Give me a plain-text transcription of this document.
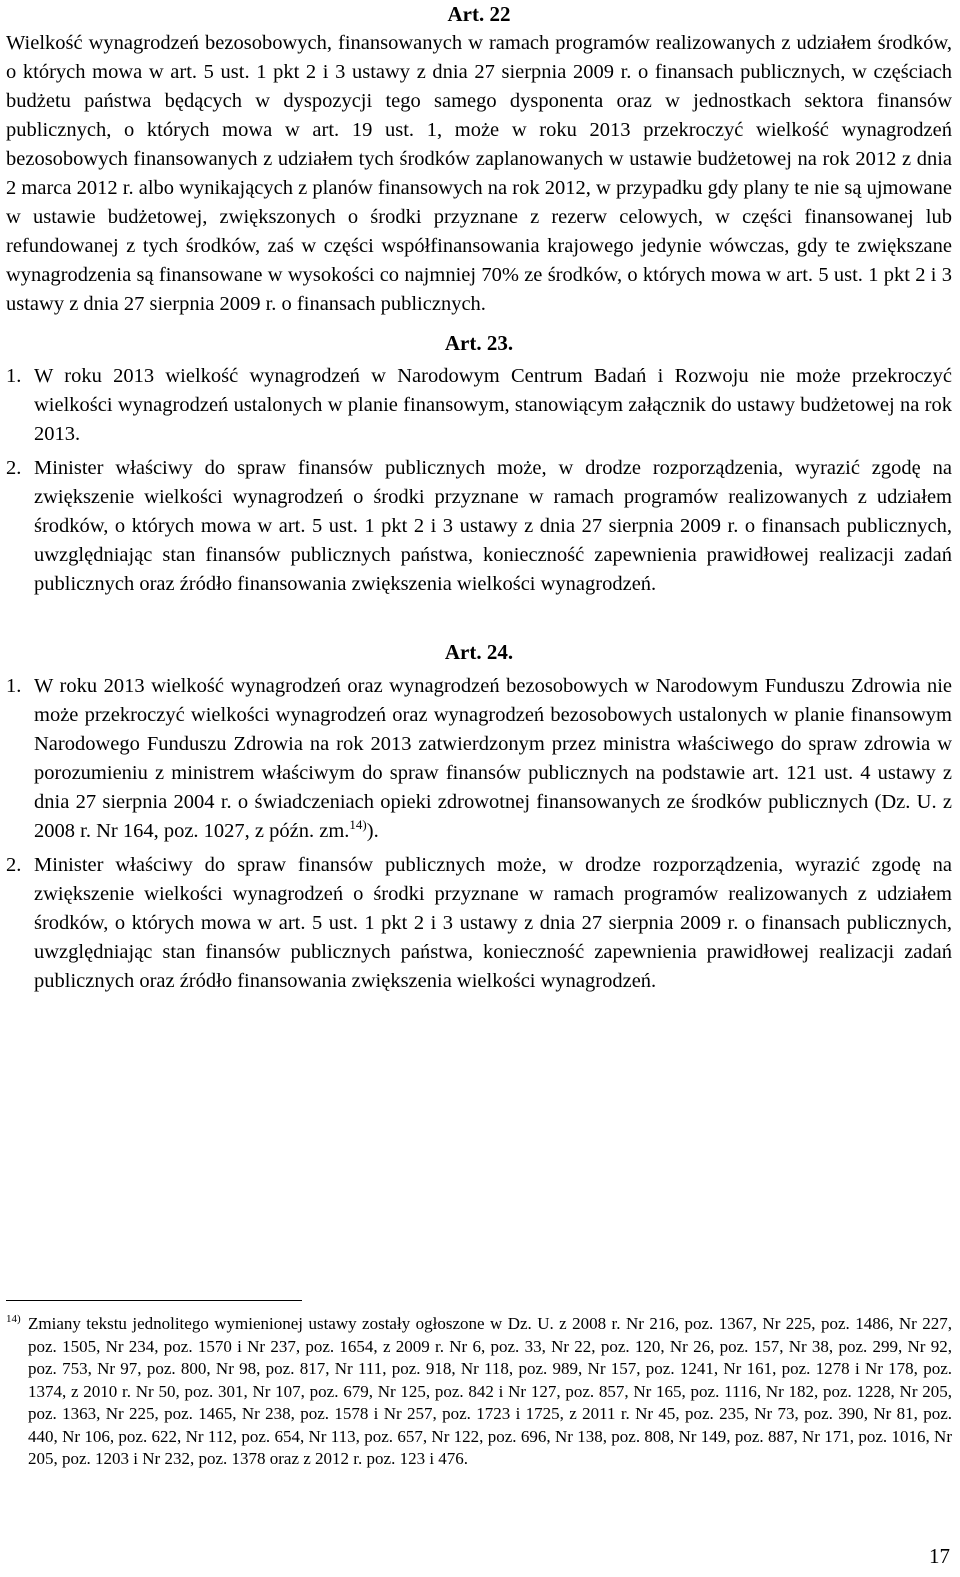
Art. 22

Wielkość wynagrodzeń bezosobowych, finansowanych w ramach programów realizowanych z udziałem środków, o których mowa w art. 5 ust. 1 pkt 2 i 3 ustawy z dnia 27 sierpnia 2009 r. o finansach publicznych, w częściach budżetu państwa będących w dyspozycji tego samego dysponenta oraz w jednostkach sektora finansów publicznych, o których mowa w art. 19 ust. 1, może w roku 2013 przekroczyć wielkość wynagrodzeń bezosobowych finansowanych z udziałem tych środków zaplanowanych w ustawie budżetowej na rok 2012 z dnia 2 marca 2012 r. albo wynikających z planów finansowych na rok 2012, w przypadku gdy plany te nie są ujmowane w ustawie budżetowej, zwiększonych o środki przyznane z rezerw celowych, w części finansowanej lub refundowanej z tych środków, zaś w części współfinansowania krajowego jedynie wówczas, gdy te zwiększane wynagrodzenia są finansowane w wysokości co najmniej 70% ze środków, o których mowa w art. 5 ust. 1 pkt 2 i 3 ustawy z dnia 27 sierpnia 2009 r. o finansach publicznych.

Art. 23.
1. W roku 2013 wielkość wynagrodzeń w Narodowym Centrum Badań i Rozwoju nie może przekroczyć wielkości wynagrodzeń ustalonych w planie finansowym, stanowiącym załącznik do ustawy budżetowej na rok 2013.
2. Minister właściwy do spraw finansów publicznych może, w drodze rozporządzenia, wyrazić zgodę na zwiększenie wielkości wynagrodzeń o środki przyznane w ramach programów realizowanych z udziałem środków, o których mowa w art. 5 ust. 1 pkt 2 i 3 ustawy z dnia 27 sierpnia 2009 r. o finansach publicznych, uwzględniając stan finansów publicznych państwa, konieczność zapewnienia prawidłowej realizacji zadań publicznych oraz źródło finansowania zwiększenia wielkości wynagrodzeń.
Art. 24.
1. W roku 2013 wielkość wynagrodzeń oraz wynagrodzeń bezosobowych w Narodowym Funduszu Zdrowia nie może przekroczyć wielkości wynagrodzeń oraz wynagrodzeń bezosobowych ustalonych w planie finansowym Narodowego Funduszu Zdrowia na rok 2013 zatwierdzonym przez ministra właściwego do spraw zdrowia w porozumieniu z ministrem właściwym do spraw finansów publicznych na podstawie art. 121 ust. 4 ustawy z dnia 27 sierpnia 2004 r. o świadczeniach opieki zdrowotnej finansowanych ze środków publicznych (Dz. U. z 2008 r. Nr 164, poz. 1027, z późn. zm.$^{14)}$).
2. Minister właściwy do spraw finansów publicznych może, w drodze rozporządzenia, wyrazić zgodę na zwiększenie wielkości wynagrodzeń o środki przyznane w ramach programów realizowanych z udziałem środków, o których mowa w art. 5 ust. 1 pkt 2 i 3 ustawy z dnia 27 sierpnia 2009 r. o finansach publicznych, uwzględniając stan finansów publicznych państwa, konieczność zapewnienia prawidłowej realizacji zadań publicznych oraz źródło finansowania zwiększenia wielkości wynagrodzeń.
$^{14)}$ Zmiany tekstu jednolitego wymienionej ustawy zostały ogłoszone w Dz. U. z 2008 r. Nr 216, poz. 1367, Nr 225, poz. 1486, Nr 227, poz. 1505, Nr 234, poz. 1570 i Nr 237, poz. 1654, z 2009 r. Nr 6, poz. 33, Nr 22, poz. 120, Nr 26, poz. 157, Nr 38, poz. 299, Nr 92, poz. 753, Nr 97, poz. 800, Nr 98, poz. 817, Nr 111, poz. 918, Nr 118, poz. 989, Nr 157, poz. 1241, Nr 161, poz. 1278 i Nr 178, poz. 1374, z 2010 r. Nr 50, poz. 301, Nr 107, poz. 679, Nr 125, poz. 842 i Nr 127, poz. 857, Nr 165, poz. 1116, Nr 182, poz. 1228, Nr 205, poz. 1363, Nr 225, poz. 1465, Nr 238, poz. 1578 i Nr 257, poz. 1723 i 1725, z 2011 r. Nr 45, poz. 235, Nr 73, poz. 390, Nr 81, poz. 440, Nr 106, poz. 622, Nr 112, poz. 654, Nr 113, poz. 657, Nr 122, poz. 696, Nr 138, poz. 808, Nr 149, poz. 887, Nr 171, poz. 1016, Nr 205, poz. 1203 i Nr 232, poz. 1378 oraz z 2012 r. poz. 123 i 476.
17
